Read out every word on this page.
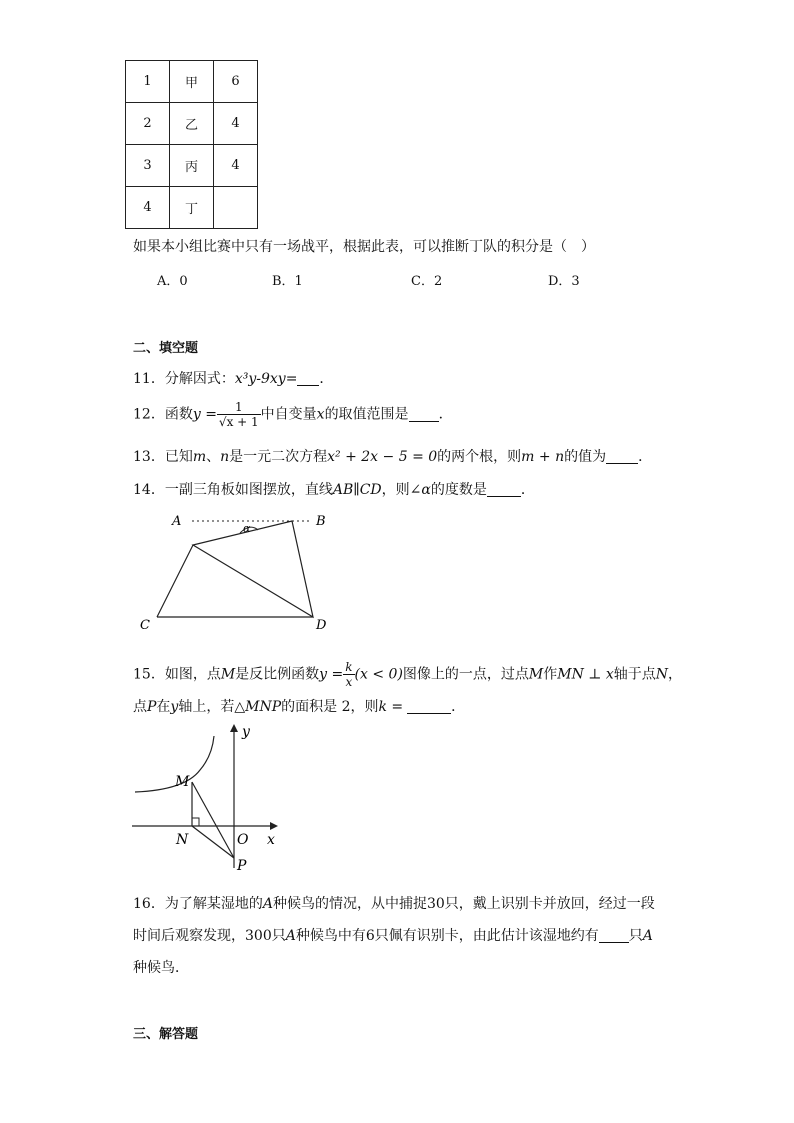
1	甲	6
2	乙	4
3	丙	4
4	丁	
如果本小组比赛中只有一场战平，根据此表，可以推断丁队的积分是（　）
A．0	B．1	C．2	D．3
二、填空题
11．分解因式：x³y-9xy= ．
12．函数$y = \frac{1}{√x + 1}$ 中自变量x的取值范围是 ．
13．已知m、n是一元二次方程x² + 2x − 5 = 0的两个根，则m + n的值为 ．
14．一副三角板如图摆放，直线AB∥CD，则∠α的度数是 ．
A	B
C	D
α
15．如图，点M是反比例函数$y = \frac{k}{x} (x < 0)$图像上的一点，过点M作MN ⊥ x轴于点N，
点P在y轴上，若△MNP的面积是 2，则k =	．
M
N	O
P
x
y
16．为了解某湿地的A种候鸟的情况，从中捕捉30只，戴上识别卡并放回，经过一段
时间后观察发现，300只A种候鸟中有6只佩有识别卡，由此估计该湿地约有 只A
种候鸟．
三、解答题
